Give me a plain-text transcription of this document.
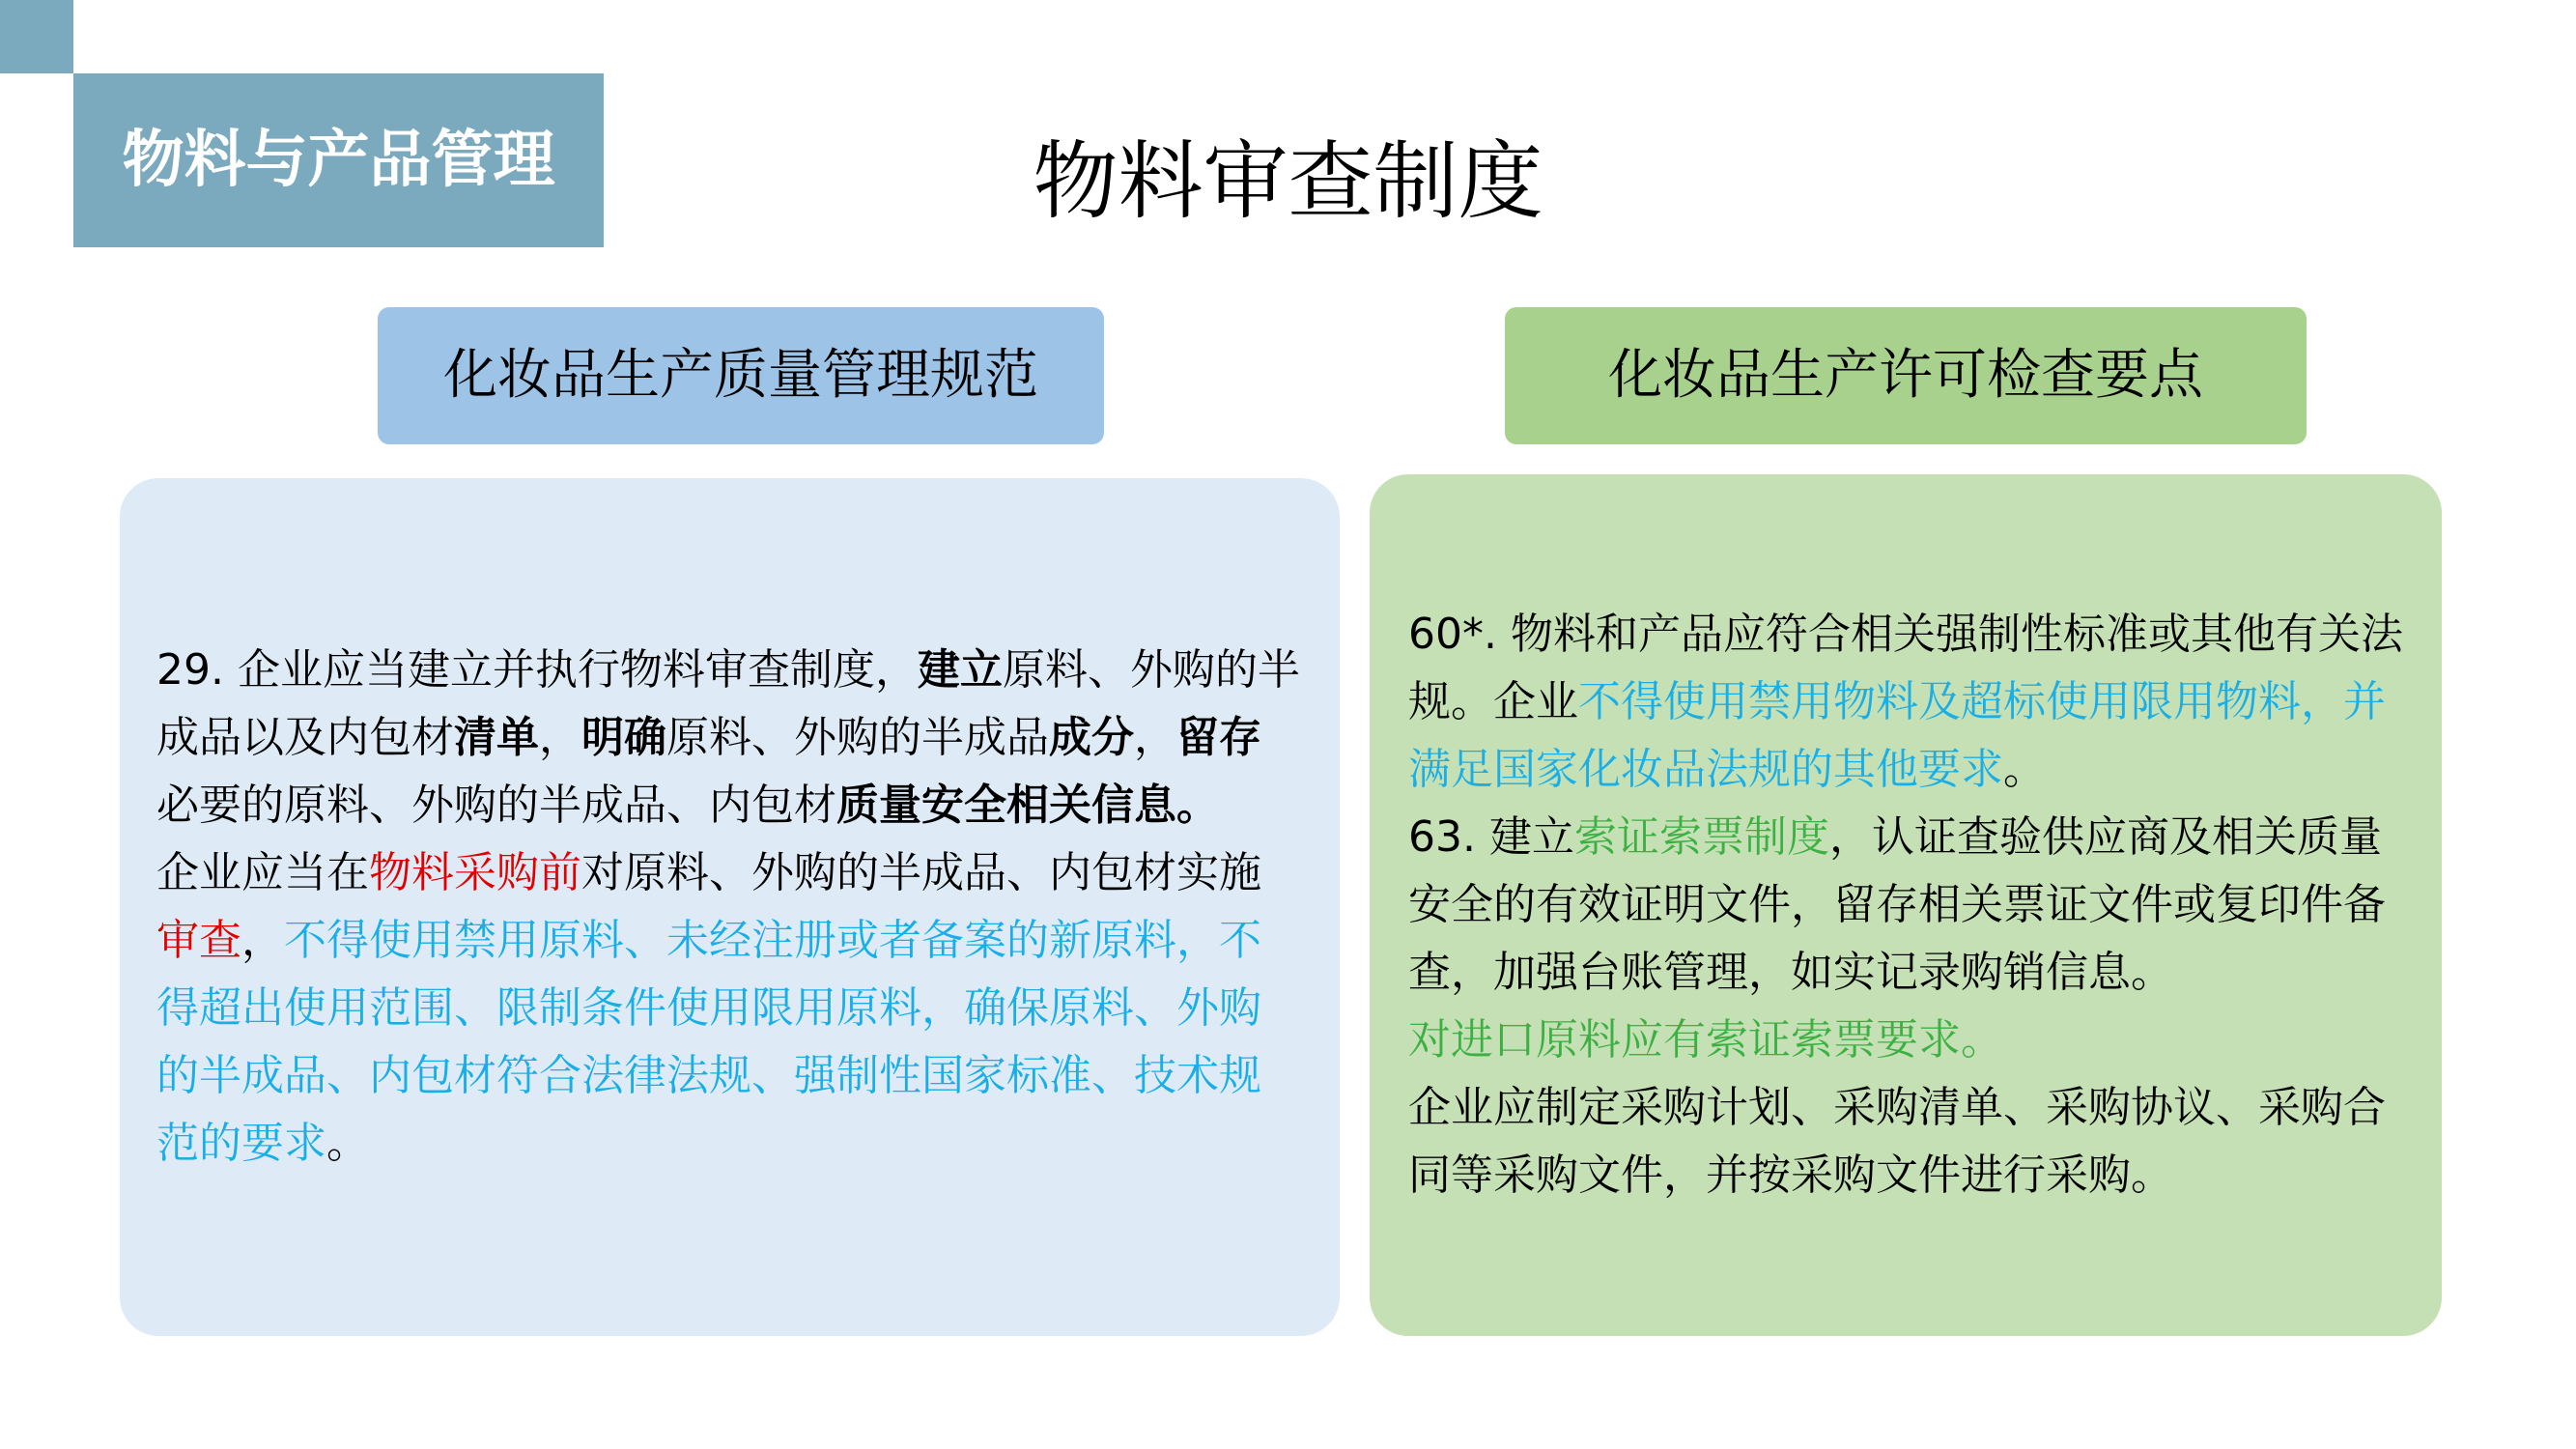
物料与产品管理	物料审查制度
化妆品生产质量管理规范	化妆品生产许可检查要点

29. 企业应当建立并执行物料审查制度，建立原料、外购的半成品以及内包材清单，明确原料、外购的半成品成分，留存必要的原料、外购的半成品、内包材质量安全相关信息。
企业应当在物料采购前对原料、外购的半成品、内包材实施审查，不得使用禁用原料、未经注册或者备案的新原料，不得超出使用范围、限制条件使用限用原料，确保原料、外购的半成品、内包材符合法律法规、强制性国家标准、技术规范的要求。

60*. 物料和产品应符合相关强制性标准或其他有关法规。企业不得使用禁用物料及超标使用限用物料，并满足国家化妆品法规的其他要求。
63. 建立索证索票制度，认证查验供应商及相关质量安全的有效证明文件，留存相关票证文件或复印件备查，加强台账管理，如实记录购销信息。
对进口原料应有索证索票要求。
企业应制定采购计划、采购清单、采购协议、采购合同等采购文件，并按采购文件进行采购。
